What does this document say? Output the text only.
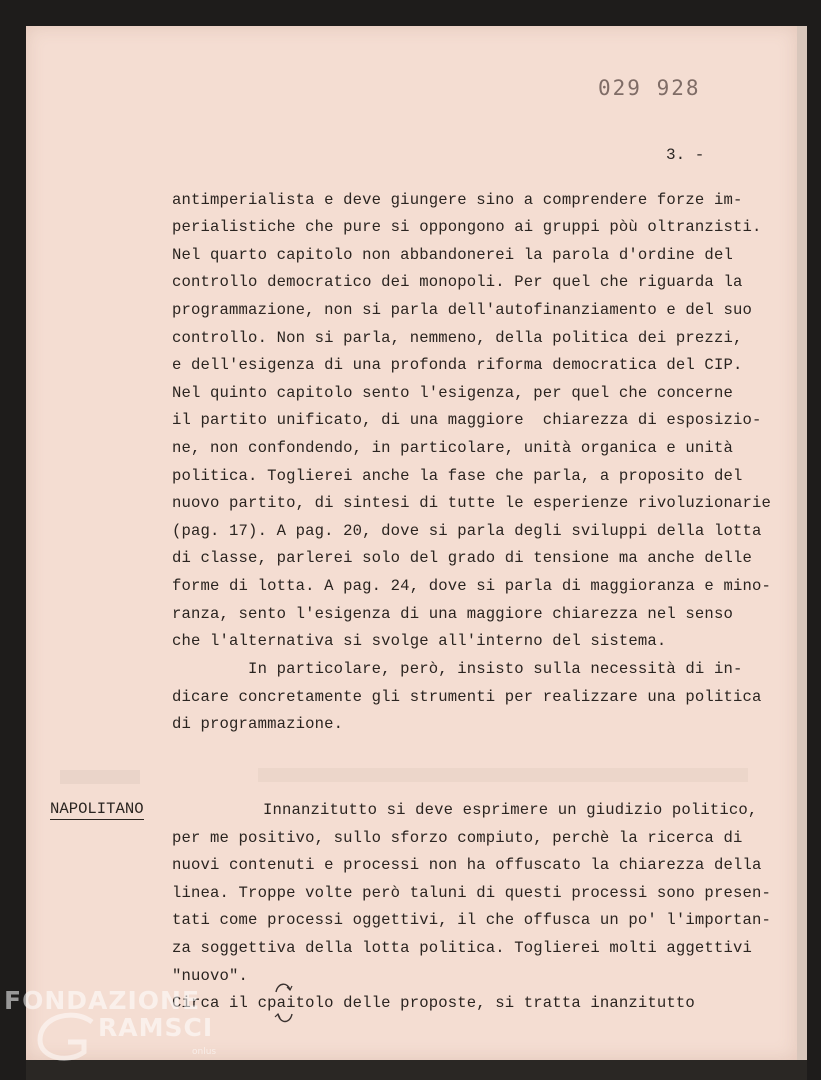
029 928
3. -
antimperialista e deve giungere sino a comprendere forze im-
perialistiche che pure si oppongono ai gruppi pòù oltranzisti.
Nel quarto capitolo non abbandonerei la parola d'ordine del
controllo democratico dei monopoli. Per quel che riguarda la
programmazione, non si parla dell'autofinanziamento e del suo
controllo. Non si parla, nemmeno, della politica dei prezzi,
e dell'esigenza di una profonda riforma democratica del CIP.
Nel quinto capitolo sento l'esigenza, per quel che concerne
il partito unificato, di una maggiore  chiarezza di esposizio-
ne, non confondendo, in particolare, unità organica e unità
politica. Toglierei anche la fase che parla, a proposito del
nuovo partito, di sintesi di tutte le esperienze rivoluzionarie
(pag. 17). A pag. 20, dove si parla degli sviluppi della lotta
di classe, parlerei solo del grado di tensione ma anche delle
forme di lotta. A pag. 24, dove si parla di maggioranza e mino-
ranza, sento l'esigenza di una maggiore chiarezza nel senso
che l'alternativa si svolge all'interno del sistema.
In particolare, però, insisto sulla necessità di in-
dicare concretamente gli strumenti per realizzare una politica
di programmazione.
NAPOLITANO	Innanzitutto si deve esprimere un giudizio politico,
per me positivo, sullo sforzo compiuto, perchè la ricerca di
nuovi contenuti e processi non ha offuscato la chiarezza della
linea. Troppe volte però taluni di questi processi sono presen-
tati come processi oggettivi, il che offusca un po' l'importan-
za soggettiva della lotta politica. Toglierei molti aggettivi
"nuovo".
Circa il cpaitolo delle proposte, si tratta inanzitutto
FONDAZIONE
RAMSCI
onlus
